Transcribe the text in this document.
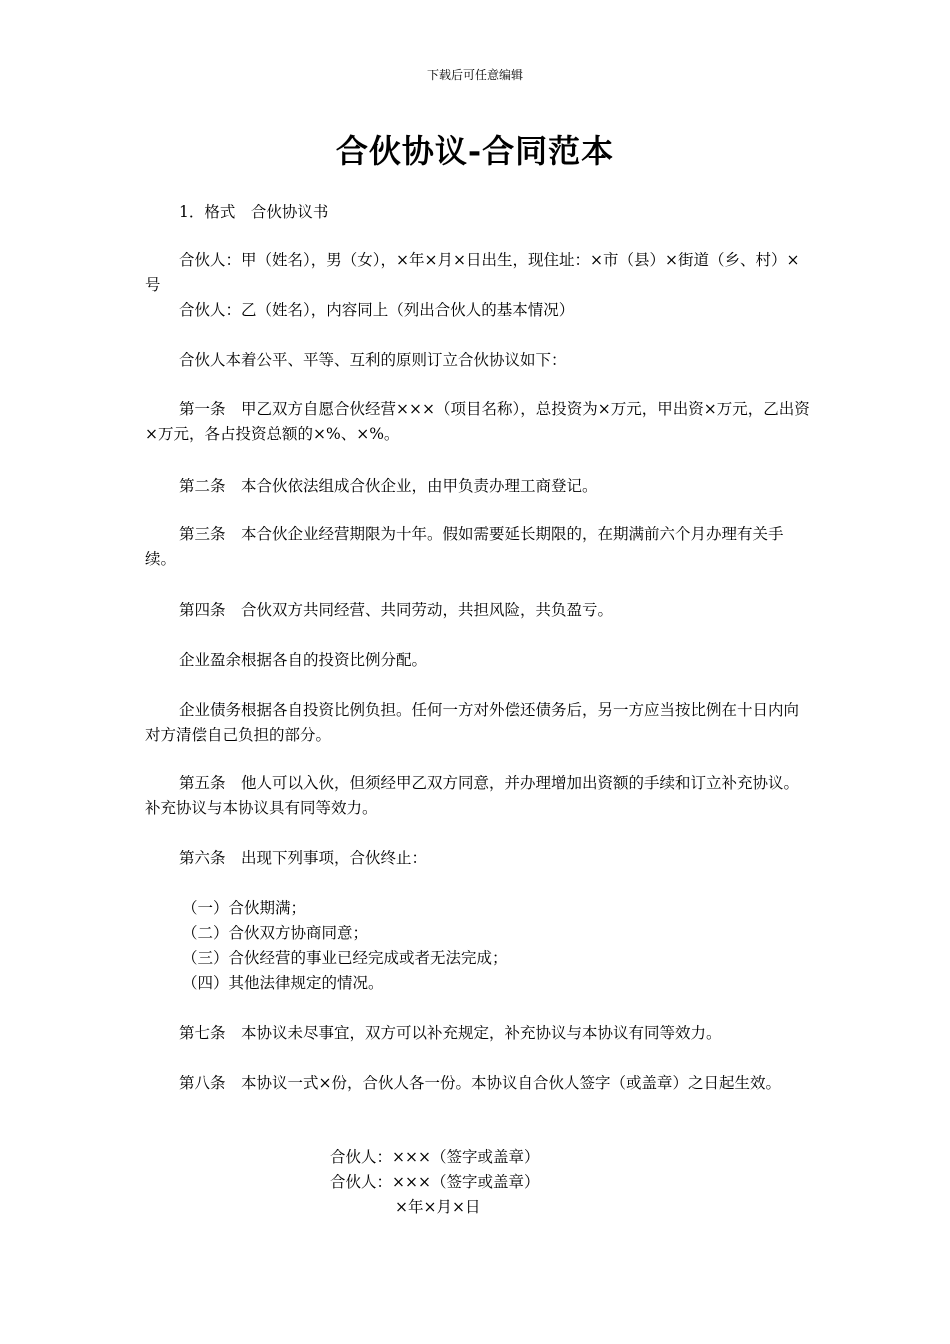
下载后可任意编辑
合伙协议-合同范本

1．格式　合伙协议书

合伙人：甲（姓名），男（女），×年×月×日出生，现住址：×市（县）×街道（乡、村）×号

合伙人：乙（姓名），内容同上（列出合伙人的基本情况）

合伙人本着公平、平等、互利的原则订立合伙协议如下：

第一条　甲乙双方自愿合伙经营×××（项目名称），总投资为×万元，甲出资×万元，乙出资×万元，各占投资总额的×%、×%。

第二条　本合伙依法组成合伙企业，由甲负责办理工商登记。

第三条　本合伙企业经营期限为十年。假如需要延长期限的，在期满前六个月办理有关手续。

第四条　合伙双方共同经营、共同劳动，共担风险，共负盈亏。

企业盈余根据各自的投资比例分配。

企业债务根据各自投资比例负担。任何一方对外偿还债务后，另一方应当按比例在十日内向对方清偿自己负担的部分。

第五条　他人可以入伙，但须经甲乙双方同意，并办理增加出资额的手续和订立补充协议。补充协议与本协议具有同等效力。

第六条　出现下列事项，合伙终止：

（一）合伙期满；

（二）合伙双方协商同意；

（三）合伙经营的事业已经完成或者无法完成；

（四）其他法律规定的情况。

第七条　本协议未尽事宜，双方可以补充规定，补充协议与本协议有同等效力。

第八条　本协议一式×份，合伙人各一份。本协议自合伙人签字（或盖章）之日起生效。

合伙人：×××（签字或盖章）
合伙人：×××（签字或盖章）
×年×月×日
